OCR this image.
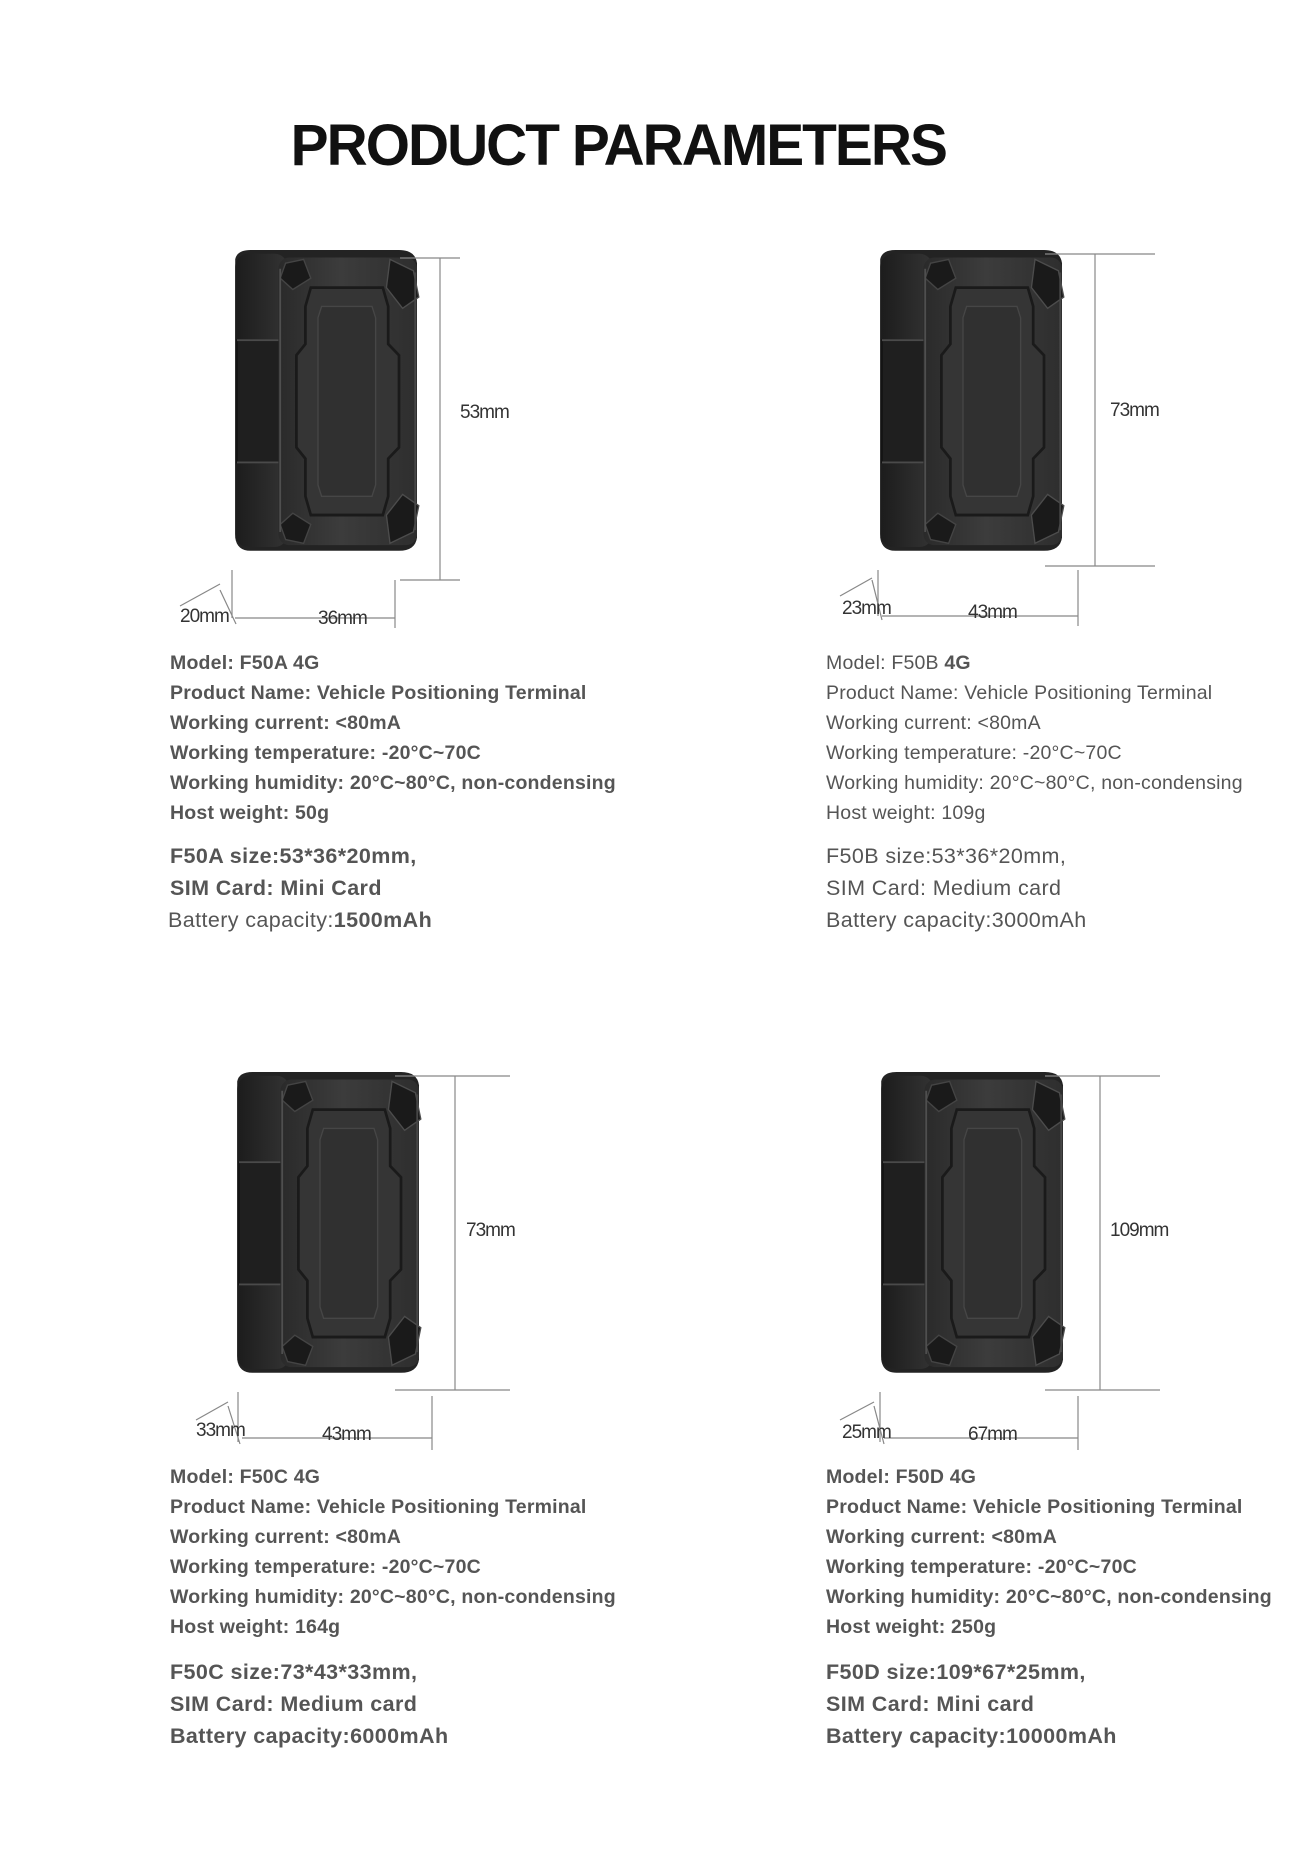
PRODUCT PARAMETERS
53mm
36mm
20mm
Model: F50A 4G
Product Name: Vehicle Positioning Terminal
Working current: <80mA
Working temperature: -20°C~70C
Working humidity: 20°C~80°C, non-condensing
Host weight: 50g
F50A size:53*36*20mm,
SIM Card: Mini Card
Battery capacity:1500mAh
73mm
43mm
23mm
Model: F50B 4G
Product Name: Vehicle Positioning Terminal
Working current: <80mA
Working temperature: -20°C~70C
Working humidity: 20°C~80°C, non-condensing
Host weight: 109g
F50B size:53*36*20mm,
SIM Card: Medium card
Battery capacity:3000mAh
73mm
43mm
33mm
Model: F50C 4G
Product Name: Vehicle Positioning Terminal
Working current: <80mA
Working temperature: -20°C~70C
Working humidity: 20°C~80°C, non-condensing
Host weight: 164g
F50C size:73*43*33mm,
SIM Card: Medium card
Battery capacity:6000mAh
109mm
67mm
25mm
Model: F50D 4G
Product Name: Vehicle Positioning Terminal
Working current: <80mA
Working temperature: -20°C~70C
Working humidity: 20°C~80°C, non-condensing
Host weight: 250g
F50D size:109*67*25mm,
SIM Card: Mini card
Battery capacity:10000mAh
